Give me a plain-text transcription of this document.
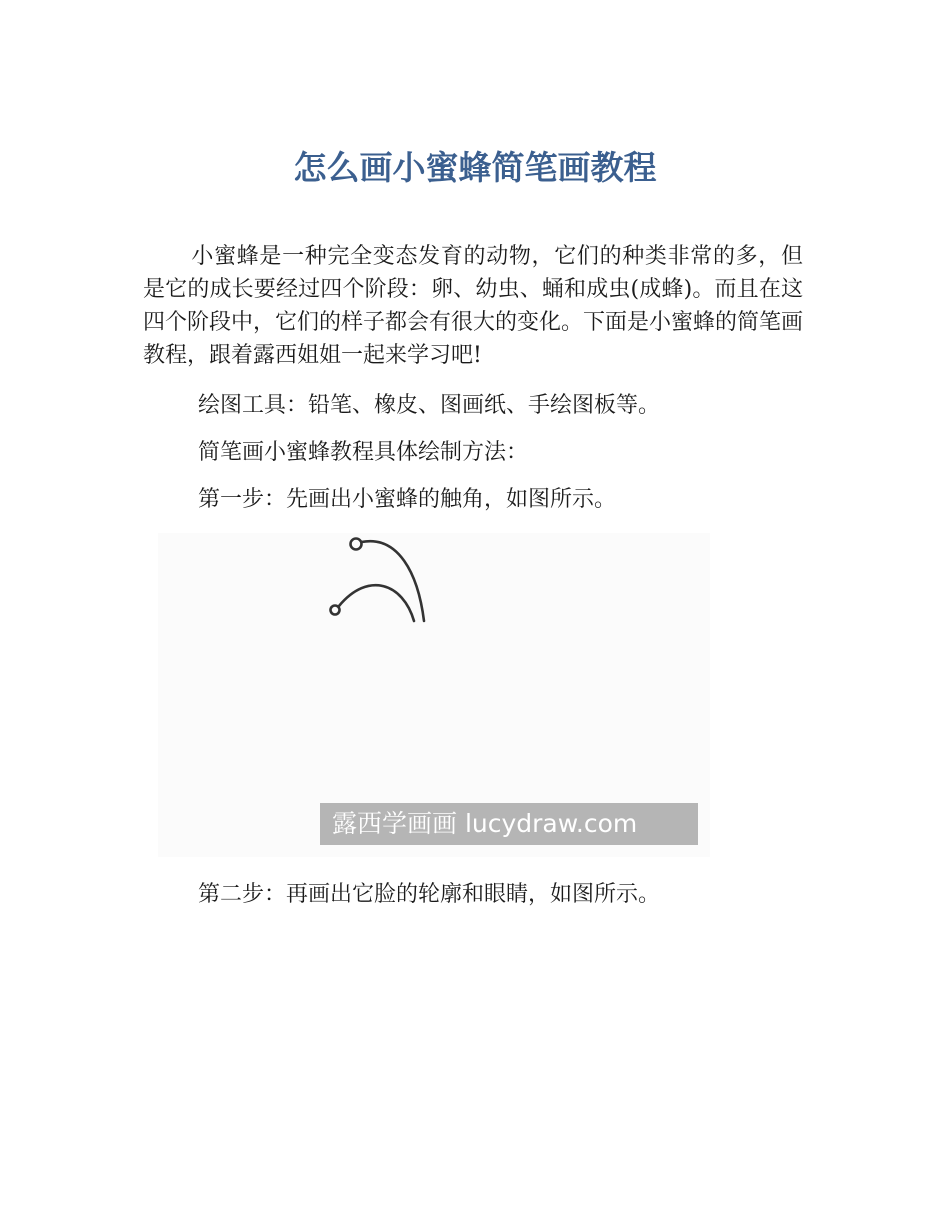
怎么画小蜜蜂简笔画教程

小蜜蜂是一种完全变态发育的动物，它们的种类非常的多，但是它的成长要经过四个阶段：卵、幼虫、蛹和成虫(成蜂)。而且在这四个阶段中，它们的样子都会有很大的变化。下面是小蜜蜂的简笔画教程，跟着露西姐姐一起来学习吧!

绘图工具：铅笔、橡皮、图画纸、手绘图板等。

简笔画小蜜蜂教程具体绘制方法：

第一步：先画出小蜜蜂的触角，如图所示。

露西学画画 lucydraw.com

第二步：再画出它脸的轮廓和眼睛，如图所示。
